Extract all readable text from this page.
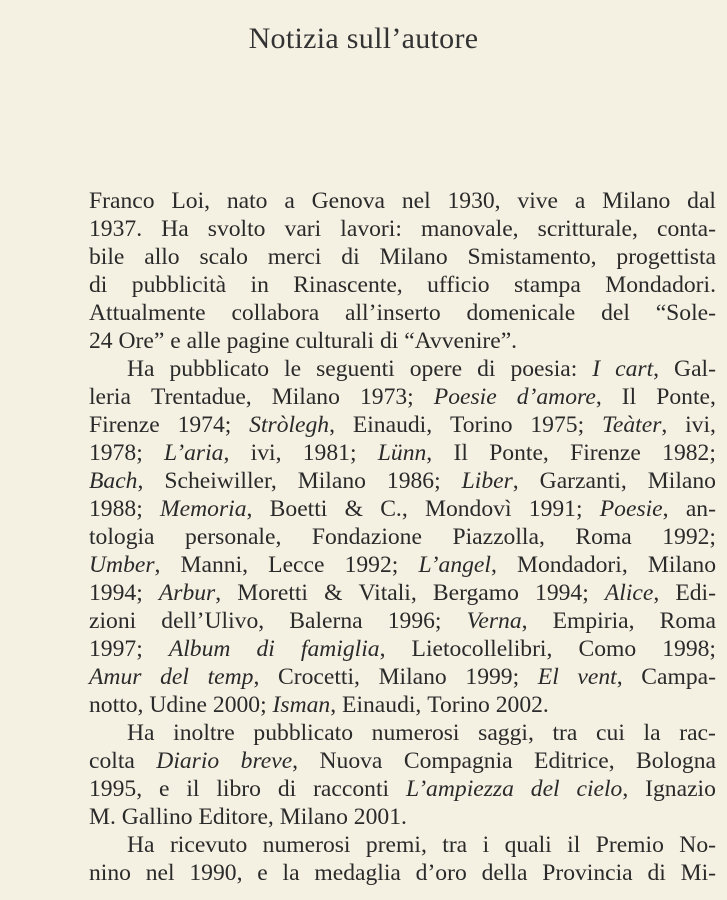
Notizia sull’autore
Franco Loi, nato a Genova nel 1930, vive a Milano dal
1937. Ha svolto vari lavori: manovale, scritturale, conta-
bile allo scalo merci di Milano Smistamento, progettista
di pubblicità in Rinascente, ufficio stampa Mondadori.
Attualmente collabora all’inserto domenicale del “Sole-
24
Ore”
e
alle
pagine
culturali
di
“Avvenire”.
Ha pubblicato le seguenti opere di poesia: I cart, Gal-
leria Trentadue, Milano 1973; Poesie d’amore, Il Ponte,
Firenze 1974; Stròlegh, Einaudi, Torino 1975; Teàter, ivi,
1978; L’aria, ivi, 1981; Lünn, Il Ponte, Firenze 1982;
Bach, Scheiwiller, Milano 1986; Liber, Garzanti, Milano
1988; Memoria, Boetti & C., Mondovì 1991; Poesie, an-
tologia personale, Fondazione Piazzolla, Roma 1992;
Umber, Manni, Lecce 1992; L’angel, Mondadori, Milano
1994; Arbur, Moretti & Vitali, Bergamo 1994; Alice, Edi-
zioni dell’Ulivo, Balerna 1996; Verna, Empiria, Roma
1997; Album di famiglia, Lietocollelibri, Como 1998;
Amur del temp, Crocetti, Milano 1999; El vent, Campa-
notto,
Udine
2000;
Isman,
Einaudi,
Torino
2002.
Ha inoltre pubblicato numerosi saggi, tra cui la rac-
colta Diario breve, Nuova Compagnia Editrice, Bologna
1995, e il libro di racconti L’ampiezza del cielo, Ignazio
M.
Gallino
Editore,
Milano
2001.
Ha ricevuto numerosi premi, tra i quali il Premio No-
nino nel 1990, e la medaglia d’oro della Provincia di Mi-
